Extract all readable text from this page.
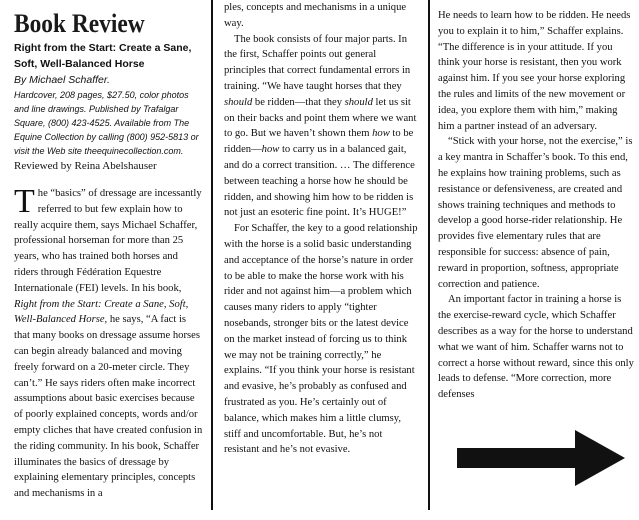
Book Review

Right from the Start: Create a Sane, Soft, Well-Balanced Horse

By Michael Schaffer.

Hardcover, 208 pages, $27.50, color photos and line drawings. Published by Trafalgar Square, (800) 423-4525. Available from The Equine Collection by calling (800) 952-5813 or visit the Web site theequinecollection.com.

Reviewed by Reina Abelshauser

The “basics” of dressage are incessantly referred to but few explain how to really acquire them, says Michael Schaffer, professional horseman for more than 25 years, who has trained both horses and riders through Fédération Equestre Internationale (FEI) levels. In his book, Right from the Start: Create a Sane, Soft, Well-Balanced Horse, he says, “A fact is that many books on dressage assume horses can begin already balanced and moving freely forward on a 20-meter circle. They can’t.” He says riders often make incorrect assumptions about basic exercises because of poorly explained concepts, words and/or empty cliches that have created confusion in the riding community. In his book, Schaffer illuminates the basics of dressage by explaining elementary principles, concepts and mechanisms in a

ples, concepts and mechanisms in a unique way.

The book consists of four major parts. In the first, Schaffer points out general principles that correct fundamental errors in training. “We have taught horses that they should be ridden—that they should let us sit on their backs and point them where we want to go. But we haven’t shown them how to be ridden—how to carry us in a balanced gait, and do a correct transition. … The difference between teaching a horse how he should be ridden, and showing him how to be ridden is not just an esoteric fine point. It’s HUGE!”

For Schaffer, the key to a good relationship with the horse is a solid basic understanding and acceptance of the horse’s nature in order to be able to make the horse work with his rider and not against him—a problem which causes many riders to apply “tighter nosebands, stronger bits or the latest device on the market instead of forcing us to think we may not be training correctly,” he explains. “If you think your horse is resistant and evasive, he’s probably as confused and frustrated as you. He’s certainly out of balance, which makes him a little clumsy, stiff and uncomfortable. But, he’s not resistant and he’s not evasive.

He needs to learn how to be ridden. He needs you to explain it to him,” Schaffer explains. “The difference is in your attitude. If you think your horse is resistant, then you work against him. If you see your horse exploring the rules and limits of the new movement or idea, you explore them with him,” making him a partner instead of an adversary.

“Stick with your horse, not the exercise,” is a key mantra in Schaffer’s book. To this end, he explains how training problems, such as resistance or defensiveness, are created and shows training techniques and methods to develop a good horse-rider relationship. He provides five elementary rules that are responsible for success: absence of pain, reward in proportion, softness, appropriate correction and patience.

An important factor in training a horse is the exercise-reward cycle, which Schaffer describes as a way for the horse to understand what we want of him. Schaffer warns not to correct a horse without reward, since this only leads to defense. “More correction, more defenses
